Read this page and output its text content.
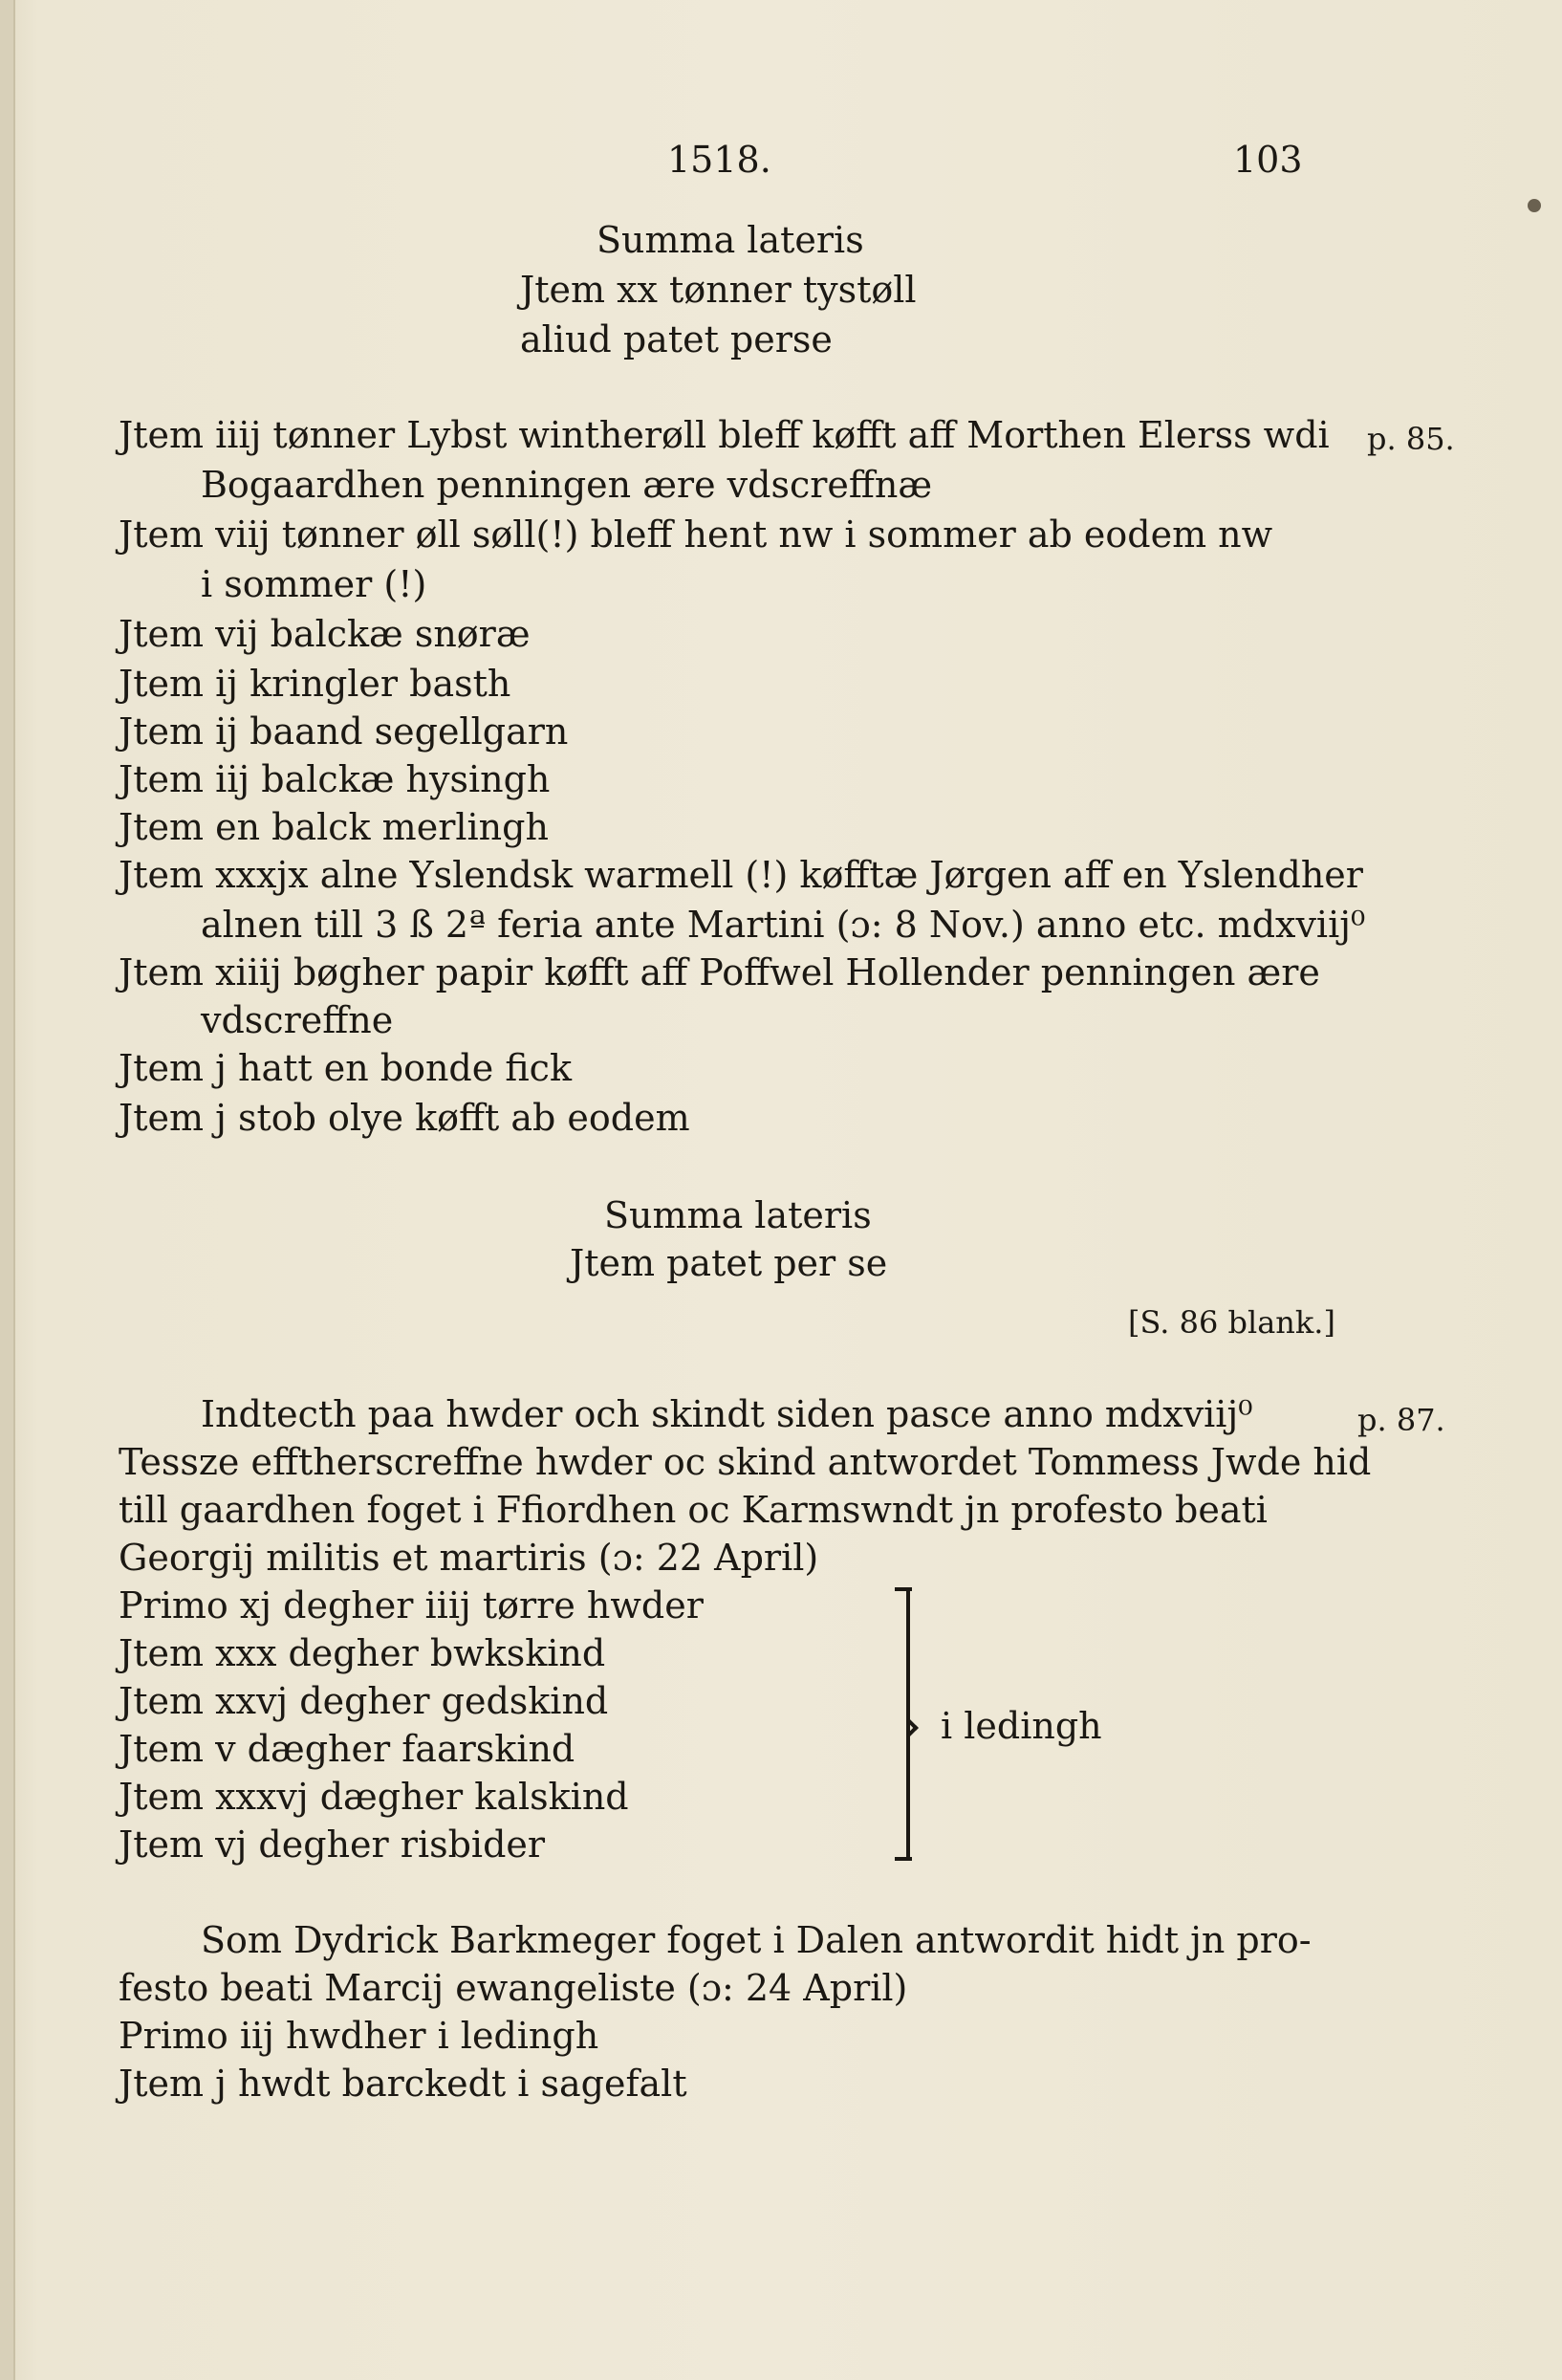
1518.	103
Summa lateris
Jtem xx tønner tystøll
aliud patet perse
Jtem iiij tønner Lybst wintherøll bleff køfft aff Morthen Elerss wdi
Bogaardhen penningen ære vdscreffnæ
Jtem viij tønner øll søll(!) bleff hent nw i sommer ab eodem nw
i sommer (!)
Jtem vij balckæ snøræ
Jtem ij kringler basth
Jtem ij baand segellgarn
Jtem iij balckæ hysingh
Jtem en balck merlingh
Jtem xxxjx alne Yslendsk warmell (!) køfftæ Jørgen aff en Yslendher
alnen till 3 ß 2ª feria ante Martini (ɔ: 8 Nov.) anno etc. mdxviij⁰
Jtem xiiij bøgher papir køfft aff Poffwel Hollender penningen ære
vdscreffne
Jtem j hatt en bonde fick
Jtem j stob olye køfft ab eodem
p. 85.
Summa lateris
Jtem patet per se
[S. 86 blank.]
Indtecth paa hwder och skindt siden pasce anno mdxviij⁰
Tessze efftherscreffne hwder oc skind antwordet Tommess Jwde hid
till gaardhen foget i Ffiordhen oc Karmswndt jn profesto beati
Georgij militis et martiris (ɔ: 22 April)
p. 87.
Primo xj degher iiij tørre hwder
Jtem xxx degher bwkskind
Jtem xxvj degher gedskind
Jtem v dægher faarskind
Jtem xxxvj dægher kalskind
Jtem vj degher risbider
i ledingh
Som Dydrick Barkmeger foget i Dalen antwordit hidt jn pro-
festo beati Marcij ewangeliste (ɔ: 24 April)
Primo iij hwdher i ledingh
Jtem j hwdt barckedt i sagefalt
